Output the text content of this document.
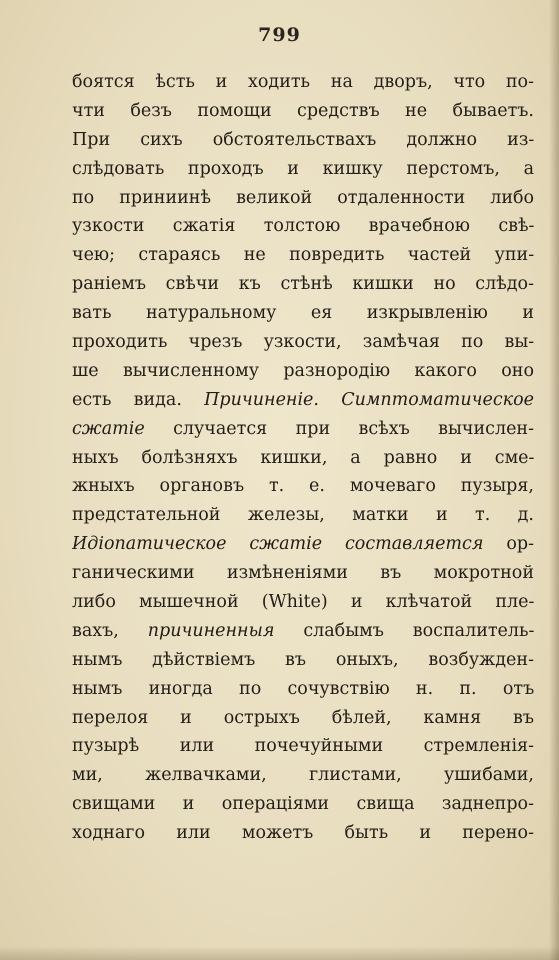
799
боятся ѣсть и ходить на дворъ, что по-
чти безъ помощи средствъ не бываетъ.
При сихъ обстоятельствахъ должно из-
слѣдовать проходъ и кишку перстомъ, а
по приниинѣ великой отдаленности либо
узкости сжатія толстою врачебною свѣ-
чею; стараясь не повредить частей упи-
раніемъ свѣчи къ стѣнѣ кишки но слѣдо-
вать натуральному ея изкрывленію и
проходить чрезъ узкости, замѣчая по вы-
ше вычисленному разнородію какого оно
есть вида. Причиненіе. Симптоматическое
сжатіе случается при всѣхъ вычислен-
ныхъ болѣзняхъ кишки, а равно и сме-
жныхъ органовъ т. е. мочеваго пузыря,
предстательной железы, матки и т. д.
Идіопатическое сжатіе составляется ор-
ганическими измѣненіями въ мокротной
либо мышечной (White) и клѣчатой пле-
вахъ, причиненныя слабымъ воспалитель-
нымъ дѣйствіемъ въ оныхъ, возбужден-
нымъ иногда по сочувствію н. п. отъ
перелоя и острыхъ бѣлей, камня въ
пузырѣ или почечуйными стремленія-
ми, желвачками, глистами, ушибами,
свищами и операціями свища заднепро-
ходнаго или можетъ быть и перено-
